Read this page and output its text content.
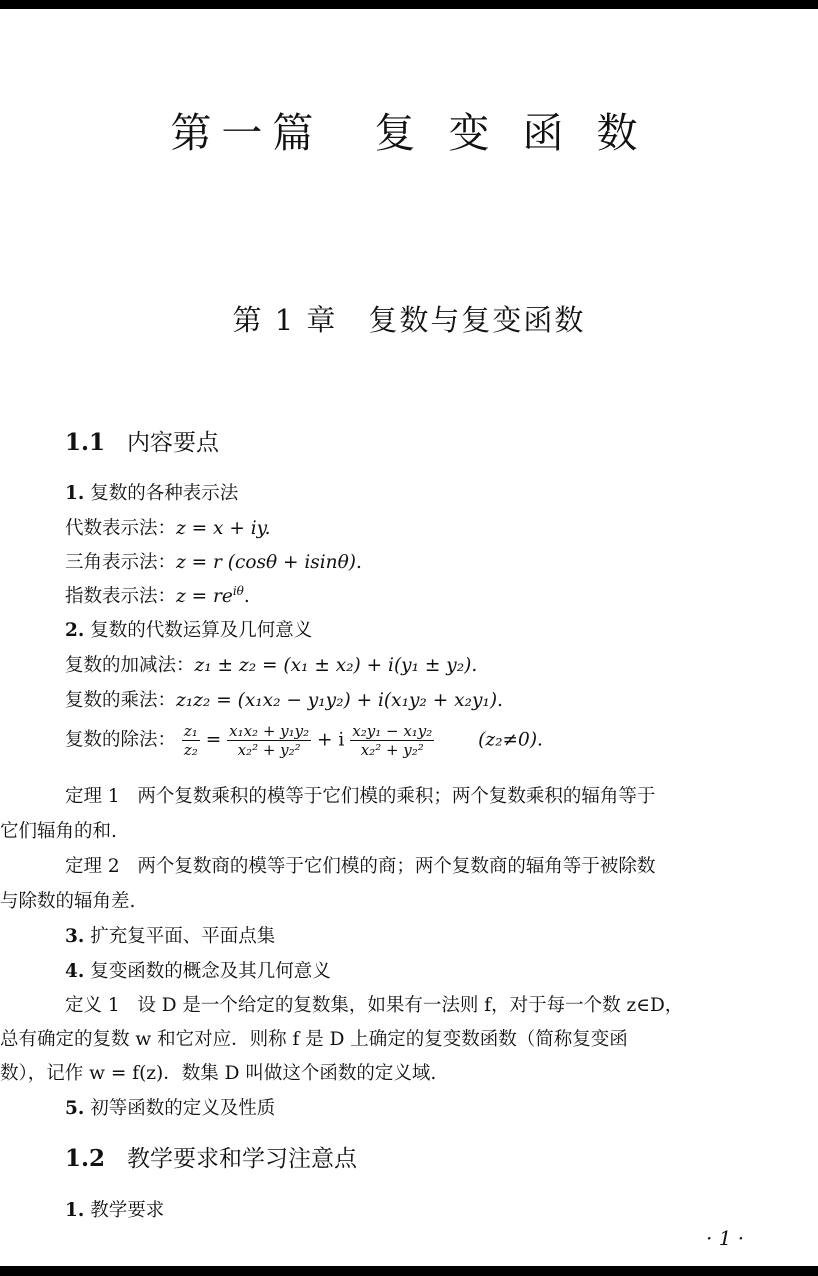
第一篇　复 变 函 数
第 1 章　复数与复变函数
1.1 内容要点
1. 复数的各种表示法
代数表示法：z = x + iy.
三角表示法：z = r (cosθ + isinθ).
指数表示法：$z = re^{i\theta}$.
2. 复数的代数运算及几何意义
复数的加减法：z₁ ± z₂ = (x₁ ± x₂) + i(y₁ ± y₂).
复数的乘法：z₁z₂ = (x₁x₂ − y₁y₂) + i(x₁y₂ + x₂y₁).
复数的除法： $\frac{\text{z₁}}{\text{z₂}} = \frac{\text{x₁x₂ + y₁y₂}}{\text{x₂² + y₂²}} + i \frac{\text{x₂y₁ − x₁y₂}}{\text{x₂² + y₂²}} (z_2\ne 0)$.
定理 1 两个复数乘积的模等于它们模的乘积；两个复数乘积的辐角等于
它们辐角的和.
定理 2 两个复数商的模等于它们模的商；两个复数商的辐角等于被除数
与除数的辐角差.
3. 扩充复平面、平面点集
4. 复变函数的概念及其几何意义
定义 1 设 D 是一个给定的复数集，如果有一法则 f，对于每一个数 z∈D，
总有确定的复数 w 和它对应．则称 f 是 D 上确定的复变数函数（简称复变函
数），记作 w = f(z)．数集 D 叫做这个函数的定义域.
5. 初等函数的定义及性质
1.2 教学要求和学习注意点
1. 教学要求
· 1 ·
